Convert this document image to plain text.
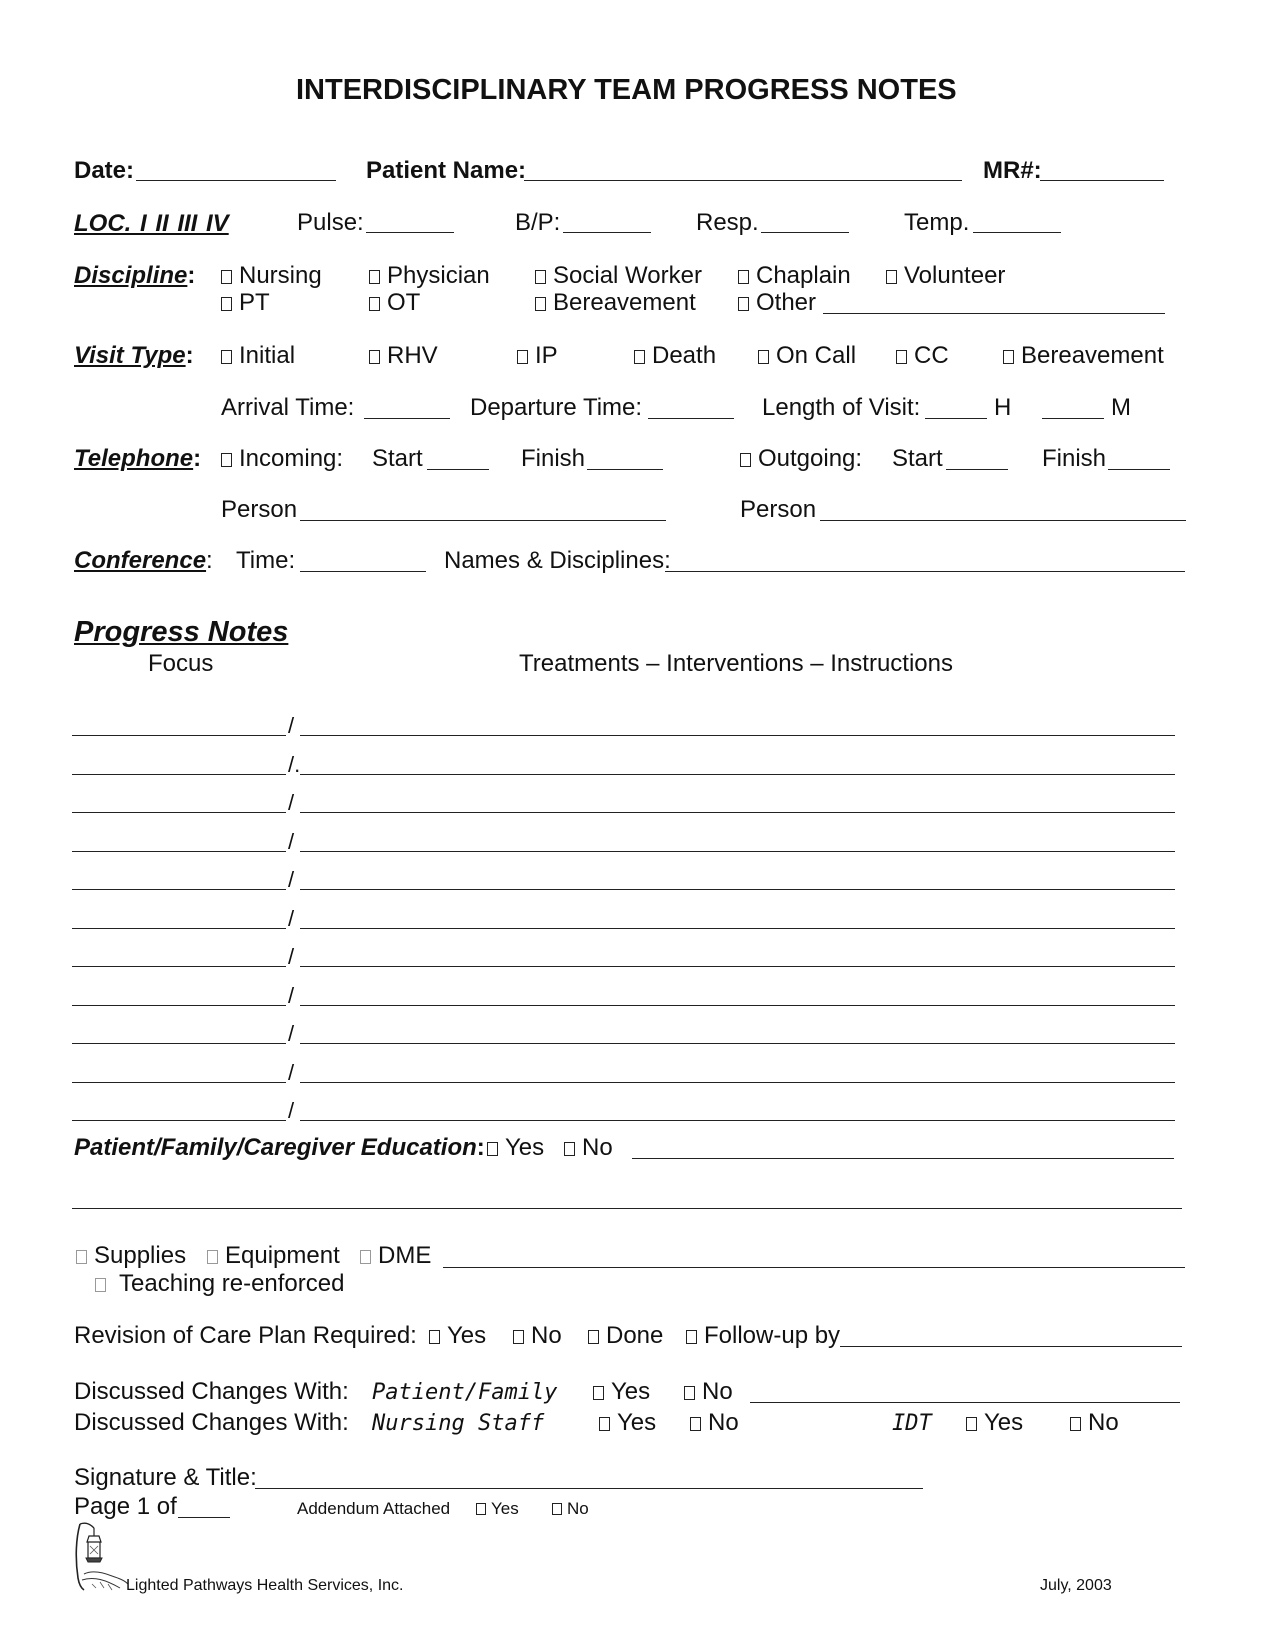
INTERDISCIPLINARY TEAM PROGRESS NOTES
Date:	Patient Name:	MR#:
LOC. I II III IV	Pulse:	B/P:	Resp.	Temp.
Discipline:	Nursing	Physician	Social Worker	Chaplain	Volunteer
PT	OT	Bereavement	Other
Visit Type:	Initial	RHV	IP	Death	On Call	CC	Bereavement
Arrival Time:	Departure Time:	Length of Visit:	H	M
Telephone:	Incoming: Start	Finish	Outgoing: Start	Finish
Person	Person
Conference: Time:	Names & Disciplines:
Progress Notes
Focus	Treatments – Interventions – Instructions
/
/.
/
/
/
/
/
/
/
/
/
Patient/Family/Caregiver Education: Yes	No
Supplies	Equipment	DME
Teaching re-enforced
Revision of Care Plan Required:	Yes	No	Done	Follow-up by
Discussed Changes With: Patient/Family	Yes	No
Discussed Changes With: Nursing Staff	Yes	No	IDT	Yes	No
Signature & Title:
Page 1 of	Addendum Attached	Yes	No
Lighted Pathways Health Services, Inc.	July, 2003
